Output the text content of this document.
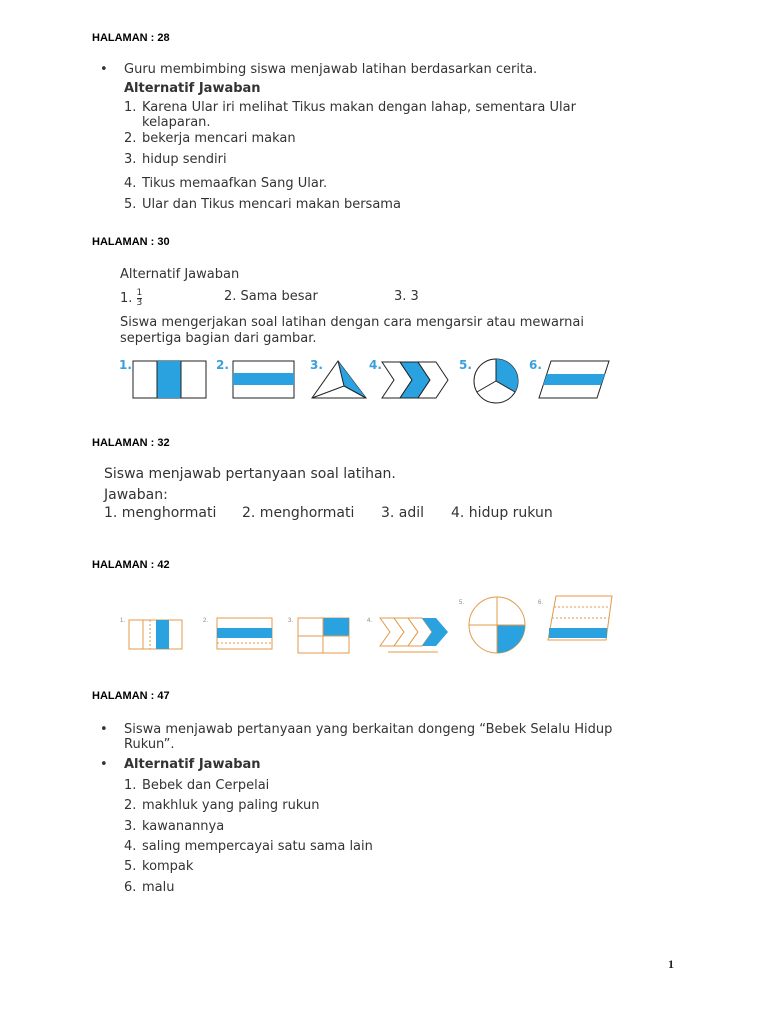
HALAMAN : 28
• Guru membimbing siswa menjawab latihan berdasarkan cerita.
Alternatif Jawaban
1. Karena Ular iri melihat Tikus makan dengan lahap, sementara Ular
kelaparan.
2. bekerja mencari makan
3. hidup sendiri
4. Tikus memaafkan Sang Ular.
5. Ular dan Tikus mencari makan bersama
HALAMAN : 30
Alternatif Jawaban
1. $\frac{1}{3}$	2. Sama besar	3. 3
Siswa mengerjakan soal latihan dengan cara mengarsir atau mewarnai
sepertiga bagian dari gambar.
1.	2.	3.	4.	5.	6.
HALAMAN : 32
Siswa menjawab pertanyaan soal latihan.
Jawaban:
1. menghormati 2. menghormati 3. adil 4. hidup rukun
HALAMAN : 42
1.	2.	3.	4.
5.	6.
HALAMAN : 47
• Siswa menjawab pertanyaan yang berkaitan dongeng “Bebek Selalu Hidup
Rukun”.
• Alternatif Jawaban
1. Bebek dan Cerpelai
2. makhluk yang paling rukun
3. kawanannya
4. saling mempercayai satu sama lain
5. kompak
6. malu
1
